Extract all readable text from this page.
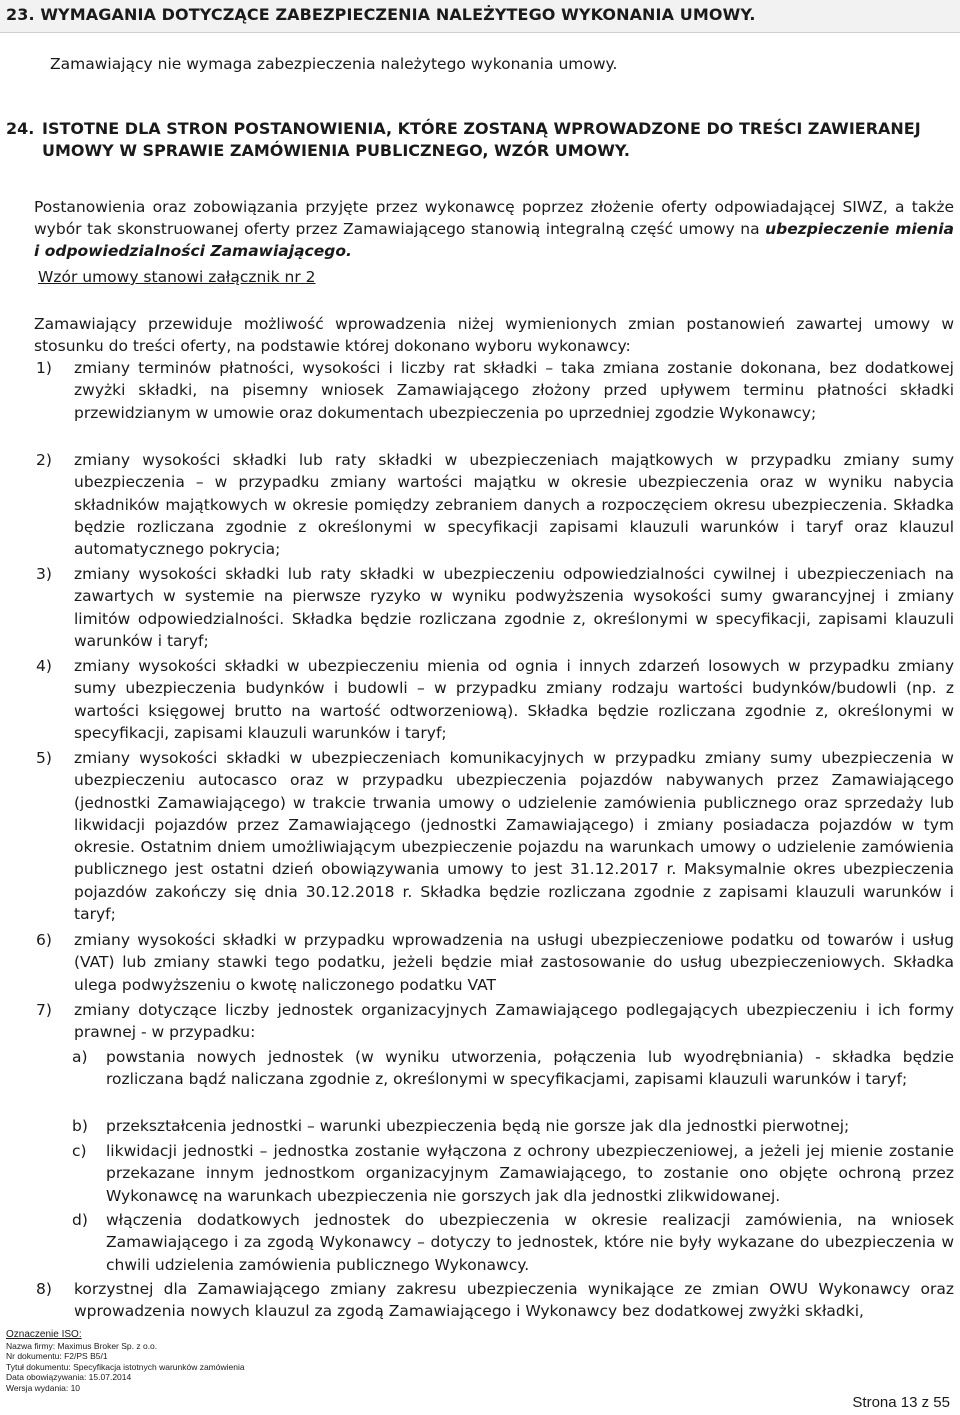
23. WYMAGANIA DOTYCZĄCE ZABEZPIECZENIA NALEŻYTEGO WYKONANIA UMOWY.
Zamawiający nie wymaga zabezpieczenia należytego wykonania umowy.
24. ISTOTNE DLA STRON POSTANOWIENIA, KTÓRE ZOSTANĄ WPROWADZONE DO TREŚCI ZAWIERANEJ UMOWY W SPRAWIE ZAMÓWIENIA PUBLICZNEGO, WZÓR UMOWY.
Postanowienia oraz zobowiązania przyjęte przez wykonawcę poprzez złożenie oferty odpowiadającej SIWZ, a także wybór tak skonstruowanej oferty przez Zamawiającego stanowią integralną część umowy na ubezpieczenie mienia i odpowiedzialności Zamawiającego.
Wzór umowy stanowi załącznik nr 2
Zamawiający przewiduje możliwość wprowadzenia niżej wymienionych zmian postanowień zawartej umowy w stosunku do treści oferty, na podstawie której dokonano wyboru wykonawcy:
1) zmiany terminów płatności, wysokości i liczby rat składki – taka zmiana zostanie dokonana, bez dodatkowej zwyżki składki, na pisemny wniosek Zamawiającego złożony przed upływem terminu płatności składki przewidzianym w umowie oraz dokumentach ubezpieczenia po uprzedniej zgodzie Wykonawcy;
2) zmiany wysokości składki lub raty składki w ubezpieczeniach majątkowych w przypadku zmiany sumy ubezpieczenia – w przypadku zmiany wartości majątku w okresie ubezpieczenia oraz w wyniku nabycia składników majątkowych w okresie pomiędzy zebraniem danych a rozpoczęciem okresu ubezpieczenia. Składka będzie rozliczana zgodnie z określonymi w specyfikacji zapisami klauzuli warunków i taryf oraz klauzul automatycznego pokrycia;
3) zmiany wysokości składki lub raty składki w ubezpieczeniu odpowiedzialności cywilnej i ubezpieczeniach na zawartych w systemie na pierwsze ryzyko w wyniku podwyższenia wysokości sumy gwarancyjnej i zmiany limitów odpowiedzialności. Składka będzie rozliczana zgodnie z, określonymi w specyfikacji, zapisami klauzuli warunków i taryf;
4) zmiany wysokości składki w ubezpieczeniu mienia od ognia i innych zdarzeń losowych w przypadku zmiany sumy ubezpieczenia budynków i budowli – w przypadku zmiany rodzaju wartości budynków/budowli (np. z wartości księgowej brutto na wartość odtworzeniową). Składka będzie rozliczana zgodnie z, określonymi w specyfikacji, zapisami klauzuli warunków i taryf;
5) zmiany wysokości składki w ubezpieczeniach komunikacyjnych w przypadku zmiany sumy ubezpieczenia w ubezpieczeniu autocasco oraz w przypadku ubezpieczenia pojazdów nabywanych przez Zamawiającego (jednostki Zamawiającego) w trakcie trwania umowy o udzielenie zamówienia publicznego oraz sprzedaży lub likwidacji pojazdów przez Zamawiającego (jednostki Zamawiającego) i zmiany posiadacza pojazdów w tym okresie. Ostatnim dniem umożliwiającym ubezpieczenie pojazdu na warunkach umowy o udzielenie zamówienia publicznego jest ostatni dzień obowiązywania umowy to jest 31.12.2017 r. Maksymalnie okres ubezpieczenia pojazdów zakończy się dnia 30.12.2018 r. Składka będzie rozliczana zgodnie z zapisami klauzuli warunków i taryf;
6) zmiany wysokości składki w przypadku wprowadzenia na usługi ubezpieczeniowe podatku od towarów i usług (VAT) lub zmiany stawki tego podatku, jeżeli będzie miał zastosowanie do usług ubezpieczeniowych. Składka ulega podwyższeniu o kwotę naliczonego podatku VAT
7) zmiany dotyczące liczby jednostek organizacyjnych Zamawiającego podlegających ubezpieczeniu i ich formy prawnej - w przypadku:
a) powstania nowych jednostek (w wyniku utworzenia, połączenia lub wyodrębniania) - składka będzie rozliczana bądź naliczana zgodnie z, określonymi w specyfikacjami, zapisami klauzuli warunków i taryf;
b) przekształcenia jednostki – warunki ubezpieczenia będą nie gorsze jak dla jednostki pierwotnej;
c) likwidacji jednostki – jednostka zostanie wyłączona z ochrony ubezpieczeniowej, a jeżeli jej mienie zostanie przekazane innym jednostkom organizacyjnym Zamawiającego, to zostanie ono objęte ochroną przez Wykonawcę na warunkach ubezpieczenia nie gorszych jak dla jednostki zlikwidowanej.
d) włączenia dodatkowych jednostek do ubezpieczenia w okresie realizacji zamówienia, na wniosek Zamawiającego i za zgodą Wykonawcy – dotyczy to jednostek, które nie były wykazane do ubezpieczenia w chwili udzielenia zamówienia publicznego Wykonawcy.
8) korzystnej dla Zamawiającego zmiany zakresu ubezpieczenia wynikające ze zmian OWU Wykonawcy oraz wprowadzenia nowych klauzul za zgodą Zamawiającego i Wykonawcy bez dodatkowej zwyżki składki,
Oznaczenie ISO:
Nazwa firmy: Maximus Broker Sp. z o.o.
Nr dokumentu: F2/PS B5/1
Tytuł dokumentu: Specyfikacja istotnych warunków zamówienia
Data obowiązywania: 15.07.2014
Wersja wydania: 10
Strona 13 z 55
